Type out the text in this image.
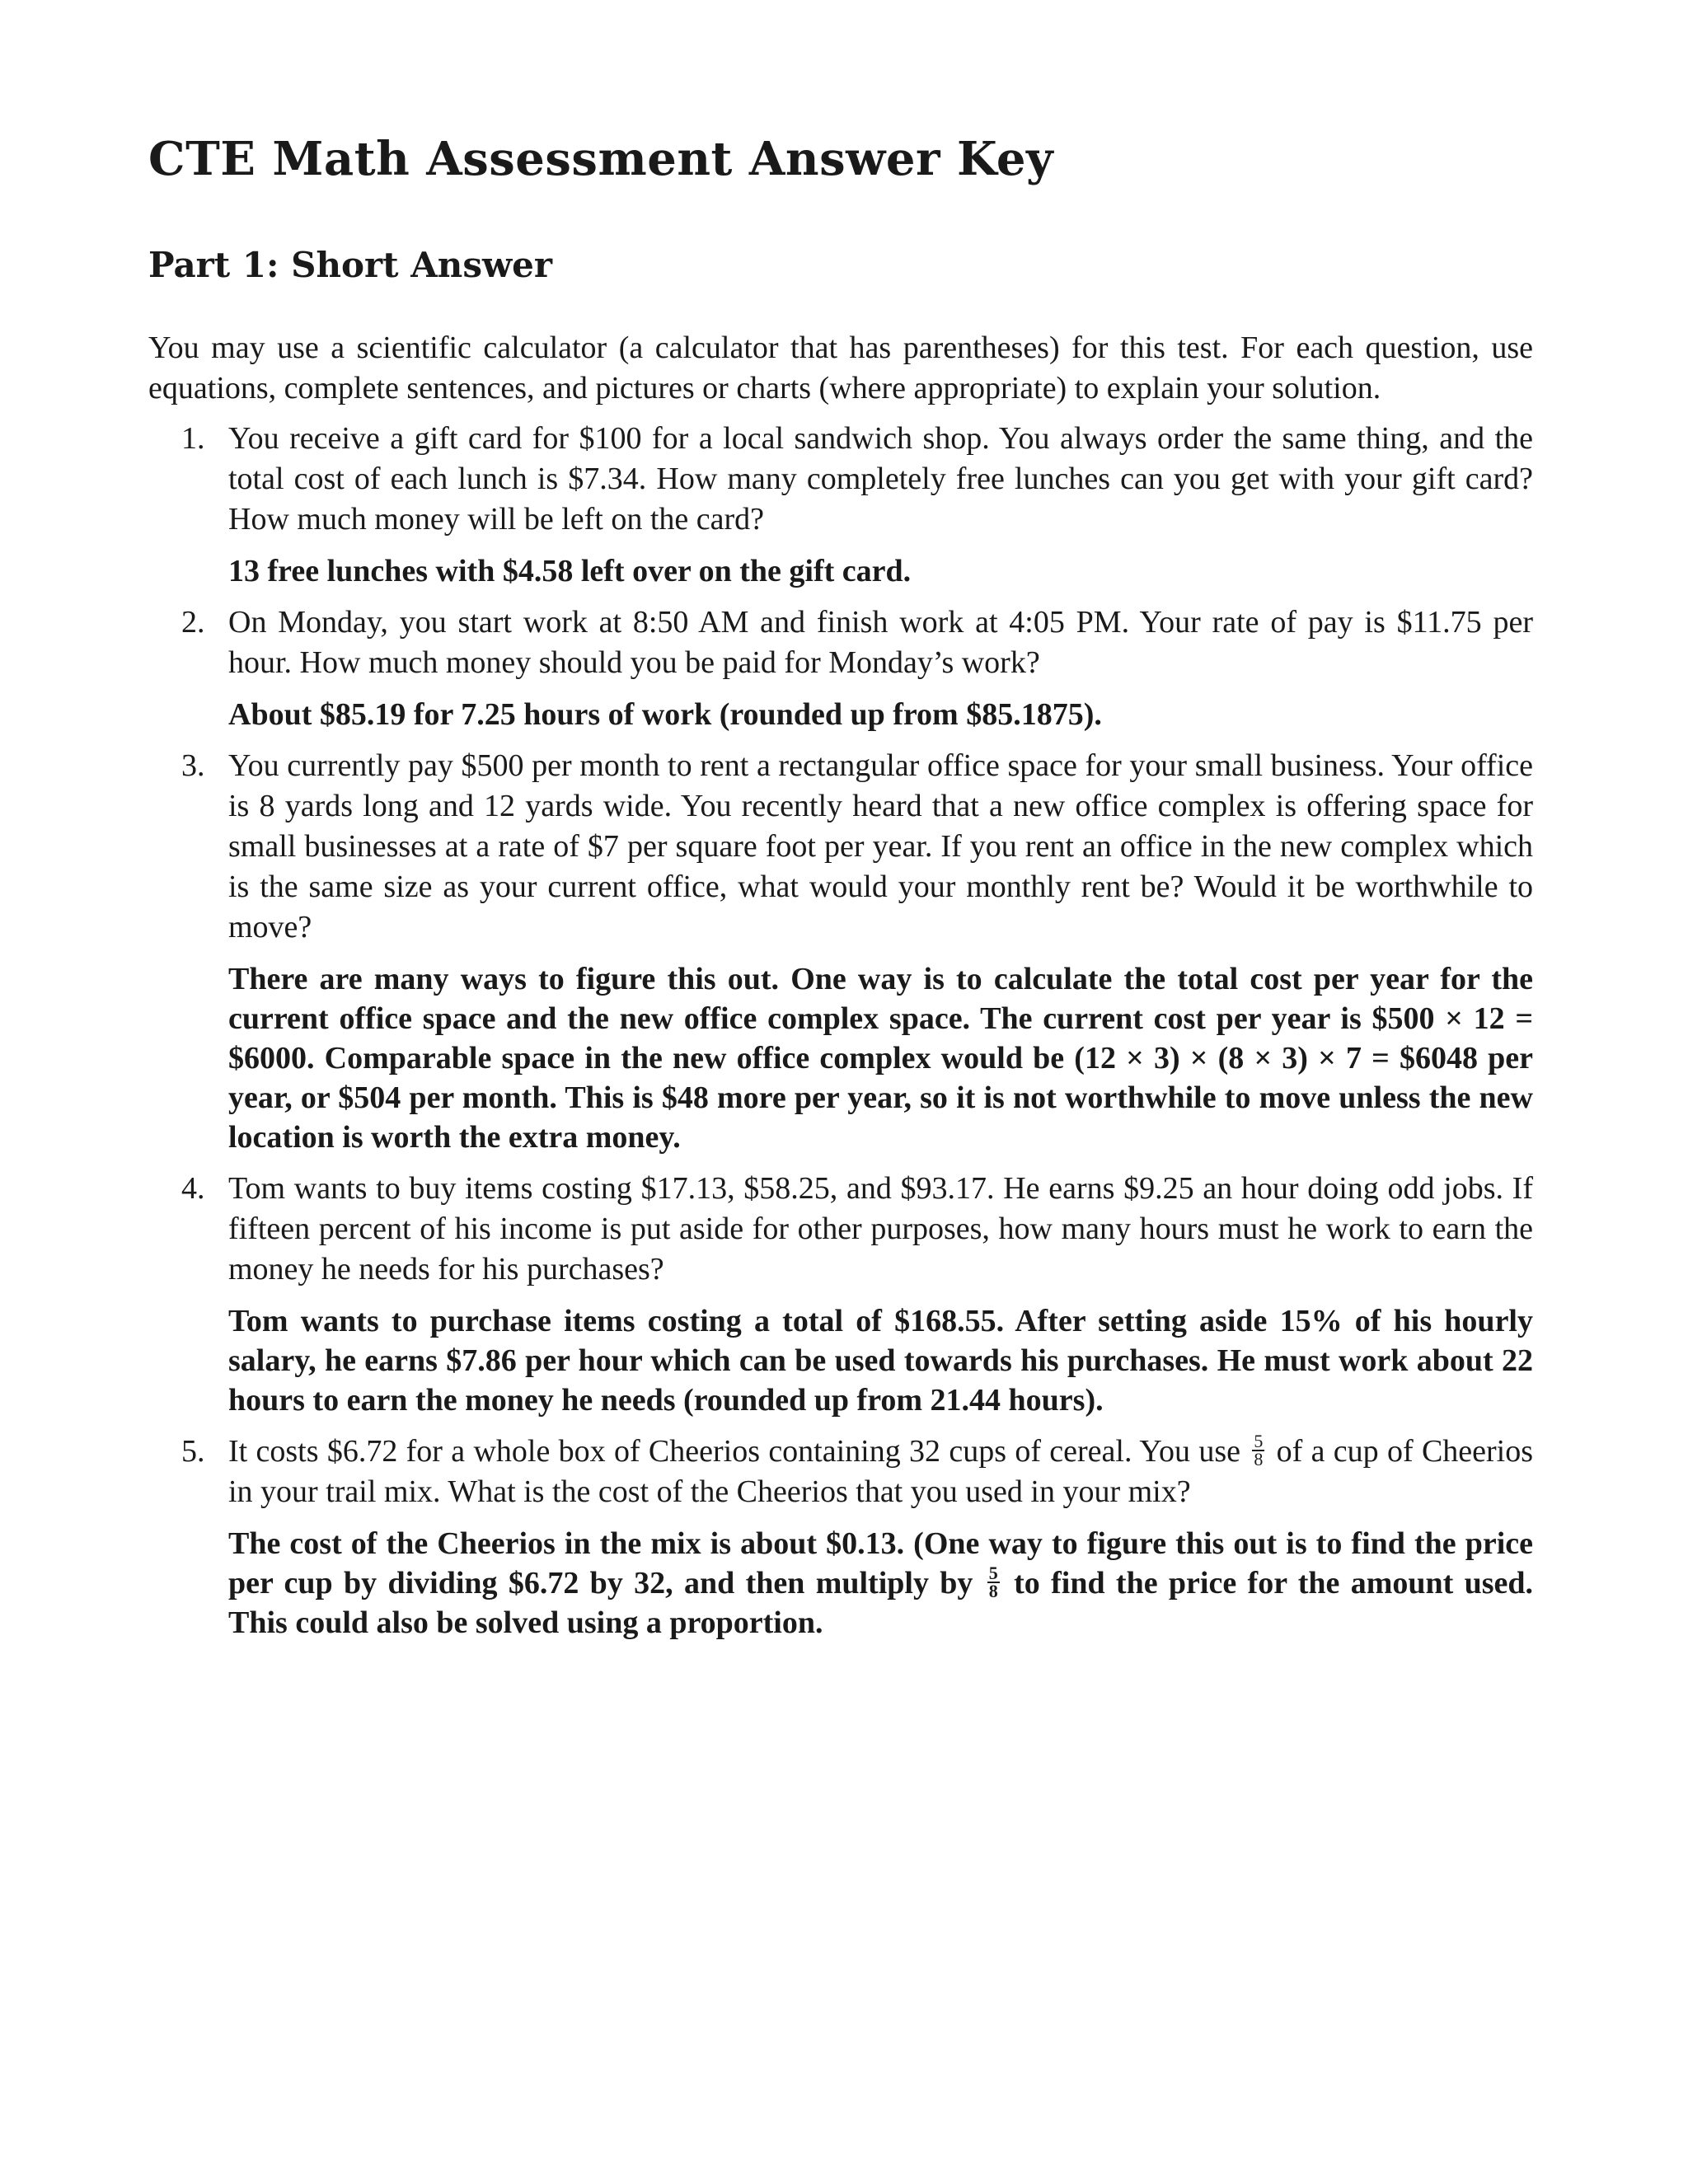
CTE Math Assessment Answer Key
Part 1: Short Answer

You may use a scientific calculator (a calculator that has parentheses) for this test. For each question, use equations, complete sentences, and pictures or charts (where appropriate) to explain your solution.

1. You receive a gift card for $100 for a local sandwich shop. You always order the same thing, and the total cost of each lunch is $7.34. How many completely free lunches can you get with your gift card? How much money will be left on the card?

13 free lunches with $4.58 left over on the gift card.

2. On Monday, you start work at 8:50 AM and finish work at 4:05 PM. Your rate of pay is $11.75 per hour. How much money should you be paid for Monday’s work?

About $85.19 for 7.25 hours of work (rounded up from $85.1875).

3. You currently pay $500 per month to rent a rectangular office space for your small business. Your office is 8 yards long and 12 yards wide. You recently heard that a new office complex is offering space for small businesses at a rate of $7 per square foot per year. If you rent an office in the new complex which is the same size as your current office, what would your monthly rent be? Would it be worthwhile to move?

There are many ways to figure this out. One way is to calculate the total cost per year for the current office space and the new office complex space. The current cost per year is $500 × 12 = $6000. Comparable space in the new office complex would be (12 × 3) × (8 × 3) × 7 = $6048 per year, or $504 per month. This is $48 more per year, so it is not worthwhile to move unless the new location is worth the extra money.

4. Tom wants to buy items costing $17.13, $58.25, and $93.17. He earns $9.25 an hour doing odd jobs. If fifteen percent of his income is put aside for other purposes, how many hours must he work to earn the money he needs for his purchases?

Tom wants to purchase items costing a total of $168.55. After setting aside 15% of his hourly salary, he earns $7.86 per hour which can be used towards his purchases. He must work about 22 hours to earn the money he needs (rounded up from 21.44 hours).

5. It costs $6.72 for a whole box of Cheerios containing 32 cups of cereal. You use $\frac{5}{8}$ of a cup of Cheerios in your trail mix. What is the cost of the Cheerios that you used in your mix?

The cost of the Cheerios in the mix is about $0.13. (One way to figure this out is to find the price per cup by dividing $6.72 by 32, and then multiply by $\frac{5}{8}$ to find the price for the amount used. This could also be solved using a proportion.
